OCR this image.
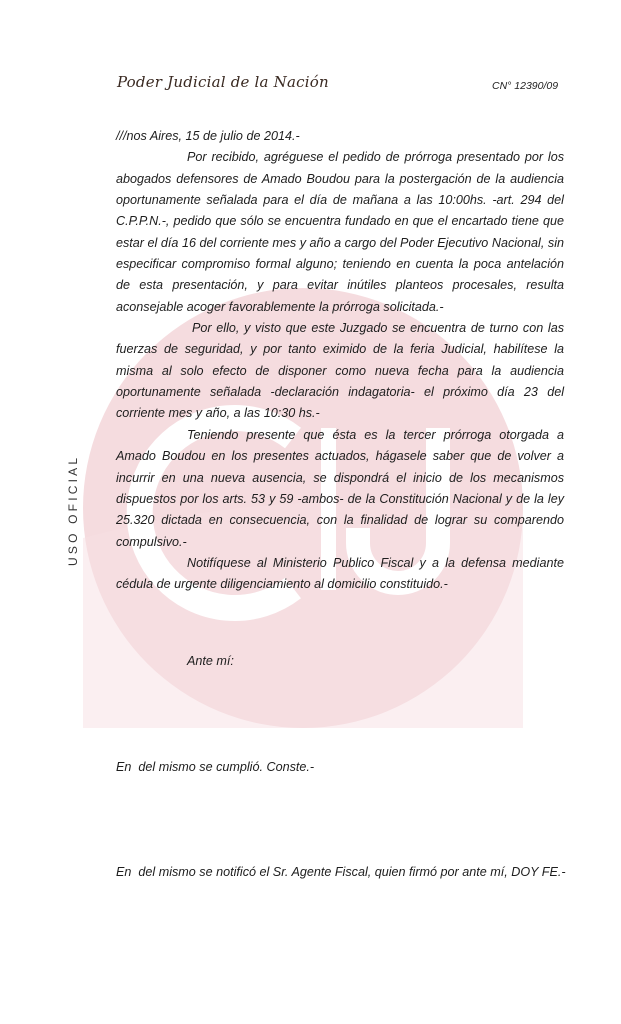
Poder Judicial de la Nación	CN° 12390/09
USO OFICIAL

///nos Aires, 15 de julio de 2014.-

Por recibido, agréguese el pedido de prórroga presentado por los abogados defensores de Amado Boudou para la postergación de la audiencia oportunamente señalada para el día de mañana a las 10:00hs. -art. 294 del C.P.P.N.-, pedido que sólo se encuentra fundado en que el encartado tiene que estar el día 16 del corriente mes y año a cargo del Poder Ejecutivo Nacional, sin especificar compromiso formal alguno; teniendo en cuenta la poca antelación de esta presentación, y para evitar inútiles planteos procesales, resulta aconsejable acoger favorablemente la prórroga solicitada.-

Por ello, y visto que este Juzgado se encuentra de turno con las fuerzas de seguridad, y por tanto eximido de la feria Judicial, habilítese la misma al solo efecto de disponer como nueva fecha para la audiencia oportunamente señalada -declaración indagatoria- el próximo día 23 del corriente mes y año, a las 10:30 hs.-

Teniendo presente que ésta es la tercer prórroga otorgada a Amado Boudou en los presentes actuados, hágasele saber que de volver a incurrir en una nueva ausencia, se dispondrá el inicio de los mecanismos dispuestos por los arts. 53 y 59 -ambos- de la Constitución Nacional y de la ley 25.320 dictada en consecuencia, con la finalidad de lograr su comparendo compulsivo.-

Notifíquese al Ministerio Publico Fiscal y a la defensa mediante cédula de urgente diligenciamiento al domicilio constituido.-

Ante mí:
En  del mismo se cumplió. Conste.-
En  del mismo se notificó el Sr. Agente Fiscal, quien firmó por ante mí, DOY FE.-
